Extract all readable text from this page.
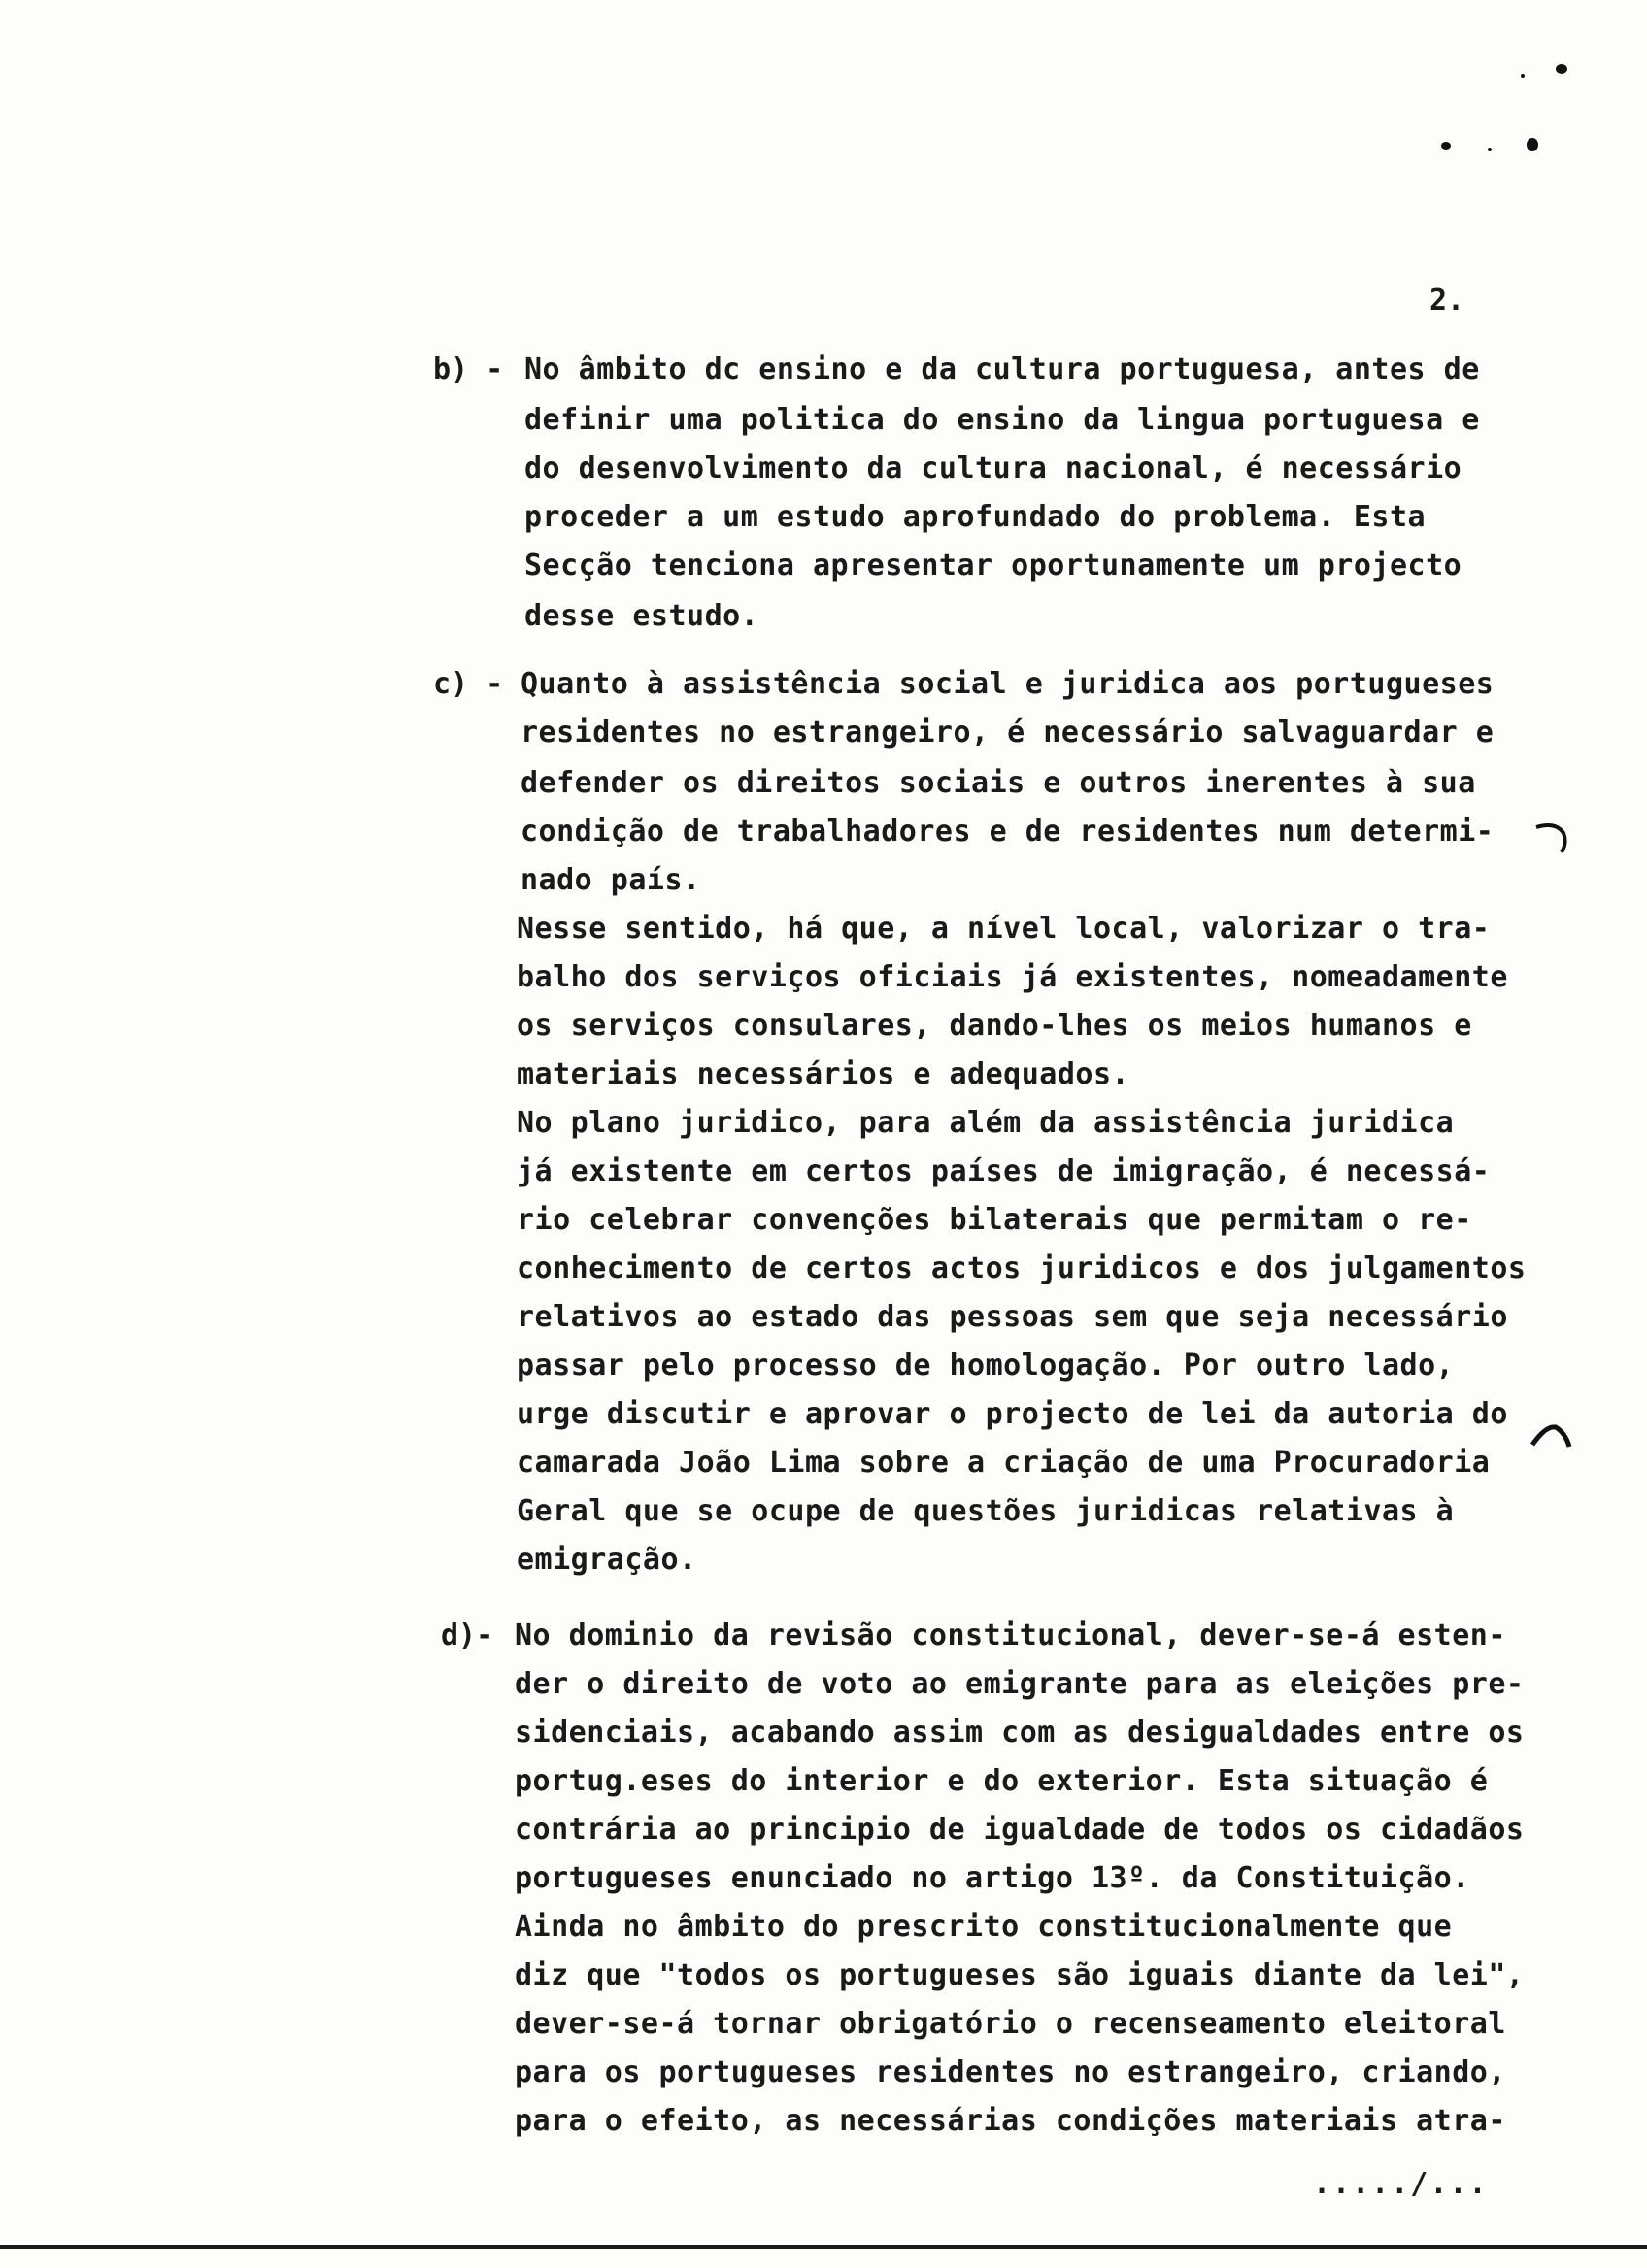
2.
b) - No âmbito dc ensino e da cultura portuguesa, antes de
definir uma politica do ensino da lingua portuguesa e
do desenvolvimento da cultura nacional, é necessário
proceder a um estudo aprofundado do problema. Esta
Secção tenciona apresentar oportunamente um projecto
desse estudo.
c) - Quanto à assistência social e juridica aos portugueses
residentes no estrangeiro, é necessário salvaguardar e
defender os direitos sociais e outros inerentes à sua
condição de trabalhadores e de residentes num determi-
nado país.
Nesse sentido, há que, a nível local, valorizar o tra-
balho dos serviços oficiais já existentes, nomeadamente
os serviços consulares, dando-lhes os meios humanos e
materiais necessários e adequados.
No plano juridico, para além da assistência juridica
já existente em certos países de imigração, é necessá-
rio celebrar convenções bilaterais que permitam o re-
conhecimento de certos actos juridicos e dos julgamentos
relativos ao estado das pessoas sem que seja necessário
passar pelo processo de homologação. Por outro lado,
urge discutir e aprovar o projecto de lei da autoria do
camarada João Lima sobre a criação de uma Procuradoria
Geral que se ocupe de questões juridicas relativas à
emigração.
d)- No dominio da revisão constitucional, dever-se-á esten-
der o direito de voto ao emigrante para as eleições pre-
sidenciais, acabando assim com as desigualdades entre os
portug.eses do interior e do exterior. Esta situação é
contrária ao principio de igualdade de todos os cidadãos
portugueses enunciado no artigo 13º. da Constituição.
Ainda no âmbito do prescrito constitucionalmente que
diz que "todos os portugueses são iguais diante da lei",
dever-se-á tornar obrigatório o recenseamento eleitoral
para os portugueses residentes no estrangeiro, criando,
para o efeito, as necessárias condições materiais atra-
...../...
